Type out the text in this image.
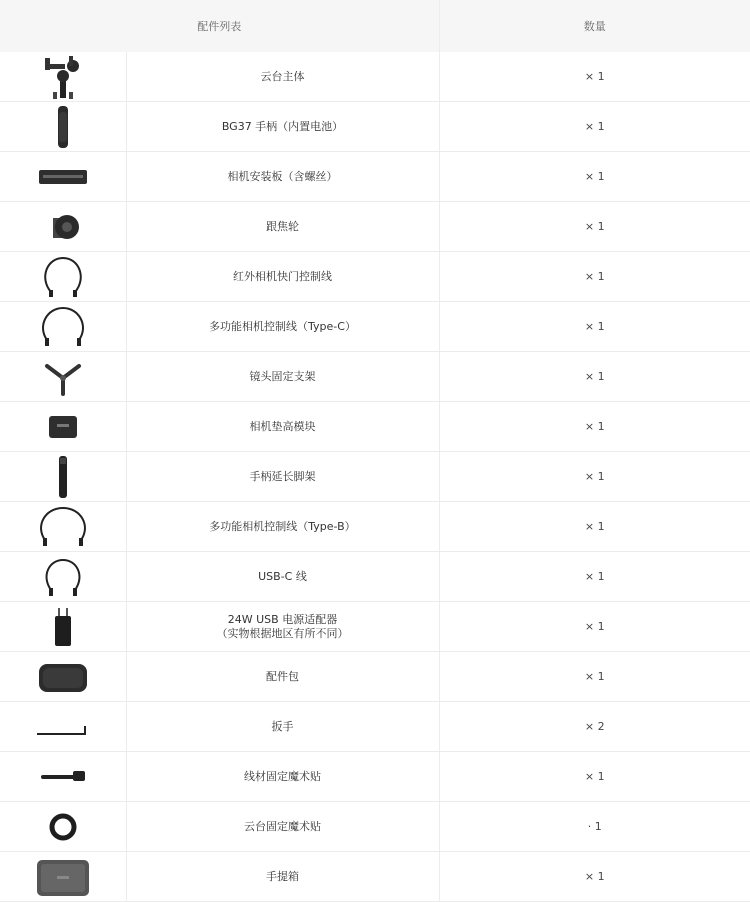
配件列表		数量

	云台主体	× 1

	BG37 手柄（内置电池）	× 1

	相机安装板（含螺丝）	× 1

	跟焦轮	× 1

	红外相机快门控制线	× 1

	多功能相机控制线（Type-C）	× 1

	镜头固定支架	× 1

	相机垫高模块	× 1

	手柄延长脚架	× 1

	多功能相机控制线（Type-B）	× 1

	USB-C 线	× 1

24W USB 电源适配器
（实物根据地区有所不同）	× 1

	配件包	× 1

	扳手	× 2

	线材固定魔术贴	× 1

	云台固定魔术贴	· 1

	手提箱	× 1
